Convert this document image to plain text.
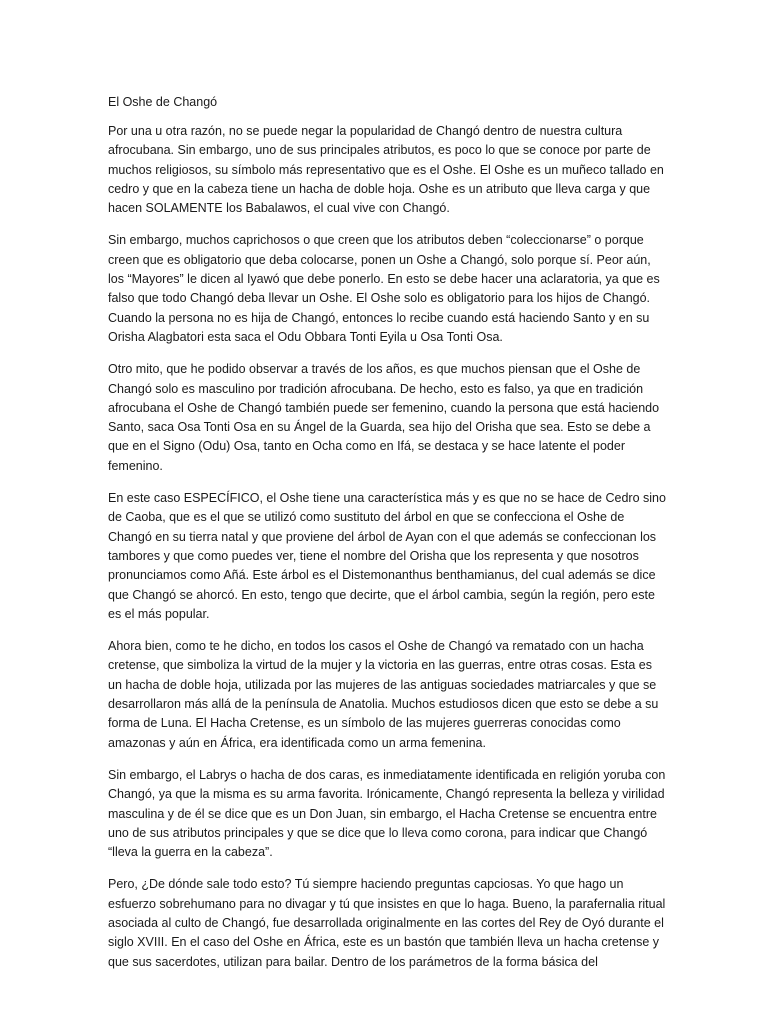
El Oshe de Changó

Por una u otra razón, no se puede negar la popularidad de Changó dentro de nuestra cultura afrocubana. Sin embargo, uno de sus principales atributos, es poco lo que se conoce por parte de muchos religiosos, su símbolo más representativo que es el Oshe. El Oshe es un muñeco tallado en cedro y que en la cabeza tiene un hacha de doble hoja. Oshe es un atributo que lleva carga y que hacen SOLAMENTE los Babalawos, el cual vive con Changó.

Sin embargo, muchos caprichosos o que creen que los atributos deben “coleccionarse” o porque creen que es obligatorio que deba colocarse, ponen un Oshe a Changó, solo porque sí. Peor aún, los “Mayores” le dicen al Iyawó que debe ponerlo. En esto se debe hacer una aclaratoria, ya que es falso que todo Changó deba llevar un Oshe. El Oshe solo es obligatorio para los hijos de Changó. Cuando la persona no es hija de Changó, entonces lo recibe cuando está haciendo Santo y en su Orisha Alagbatori esta saca el Odu Obbara Tonti Eyila u Osa Tonti Osa.

Otro mito, que he podido observar a través de los años, es que muchos piensan que el Oshe de Changó solo es masculino por tradición afrocubana. De hecho, esto es falso, ya que en tradición afrocubana el Oshe de Changó también puede ser femenino, cuando la persona que está haciendo Santo, saca Osa Tonti Osa en su Ángel de la Guarda, sea hijo del Orisha que sea. Esto se debe a que en el Signo (Odu) Osa, tanto en Ocha como en Ifá, se destaca y se hace latente el poder femenino.

En este caso ESPECÍFICO, el Oshe tiene una característica más y es que no se hace de Cedro sino de Caoba, que es el que se utilizó como sustituto del árbol en que se confecciona el Oshe de Changó en su tierra natal y que proviene del árbol de Ayan con el que además se confeccionan los tambores y que como puedes ver, tiene el nombre del Orisha que los representa y que nosotros pronunciamos como Añá. Este árbol es el Distemonanthus benthamianus, del cual además se dice que Changó se ahorcó. En esto, tengo que decirte, que el árbol cambia, según la región, pero este es el más popular.

Ahora bien, como te he dicho, en todos los casos el Oshe de Changó va rematado con un hacha cretense, que simboliza la virtud de la mujer y la victoria en las guerras, entre otras cosas. Esta es un hacha de doble hoja, utilizada por las mujeres de las antiguas sociedades matriarcales y que se desarrollaron más allá de la península de Anatolia. Muchos estudiosos dicen que esto se debe a su forma de Luna. El Hacha Cretense, es un símbolo de las mujeres guerreras conocidas como amazonas y aún en África, era identificada como un arma femenina.

Sin embargo, el Labrys o hacha de dos caras, es inmediatamente identificada en religión yoruba con Changó, ya que la misma es su arma favorita. Irónicamente, Changó representa la belleza y virilidad masculina y de él se dice que es un Don Juan, sin embargo, el Hacha Cretense se encuentra entre uno de sus atributos principales y que se dice que lo lleva como corona, para indicar que Changó “lleva la guerra en la cabeza”.

Pero, ¿De dónde sale todo esto? Tú siempre haciendo preguntas capciosas. Yo que hago un esfuerzo sobrehumano para no divagar y tú que insistes en que lo haga. Bueno, la parafernalia ritual asociada al culto de Changó, fue desarrollada originalmente en las cortes del Rey de Oyó durante el siglo XVIII. En el caso del Oshe en África, este es un bastón que también lleva un hacha cretense y que sus sacerdotes, utilizan para bailar. Dentro de los parámetros de la forma básica del
